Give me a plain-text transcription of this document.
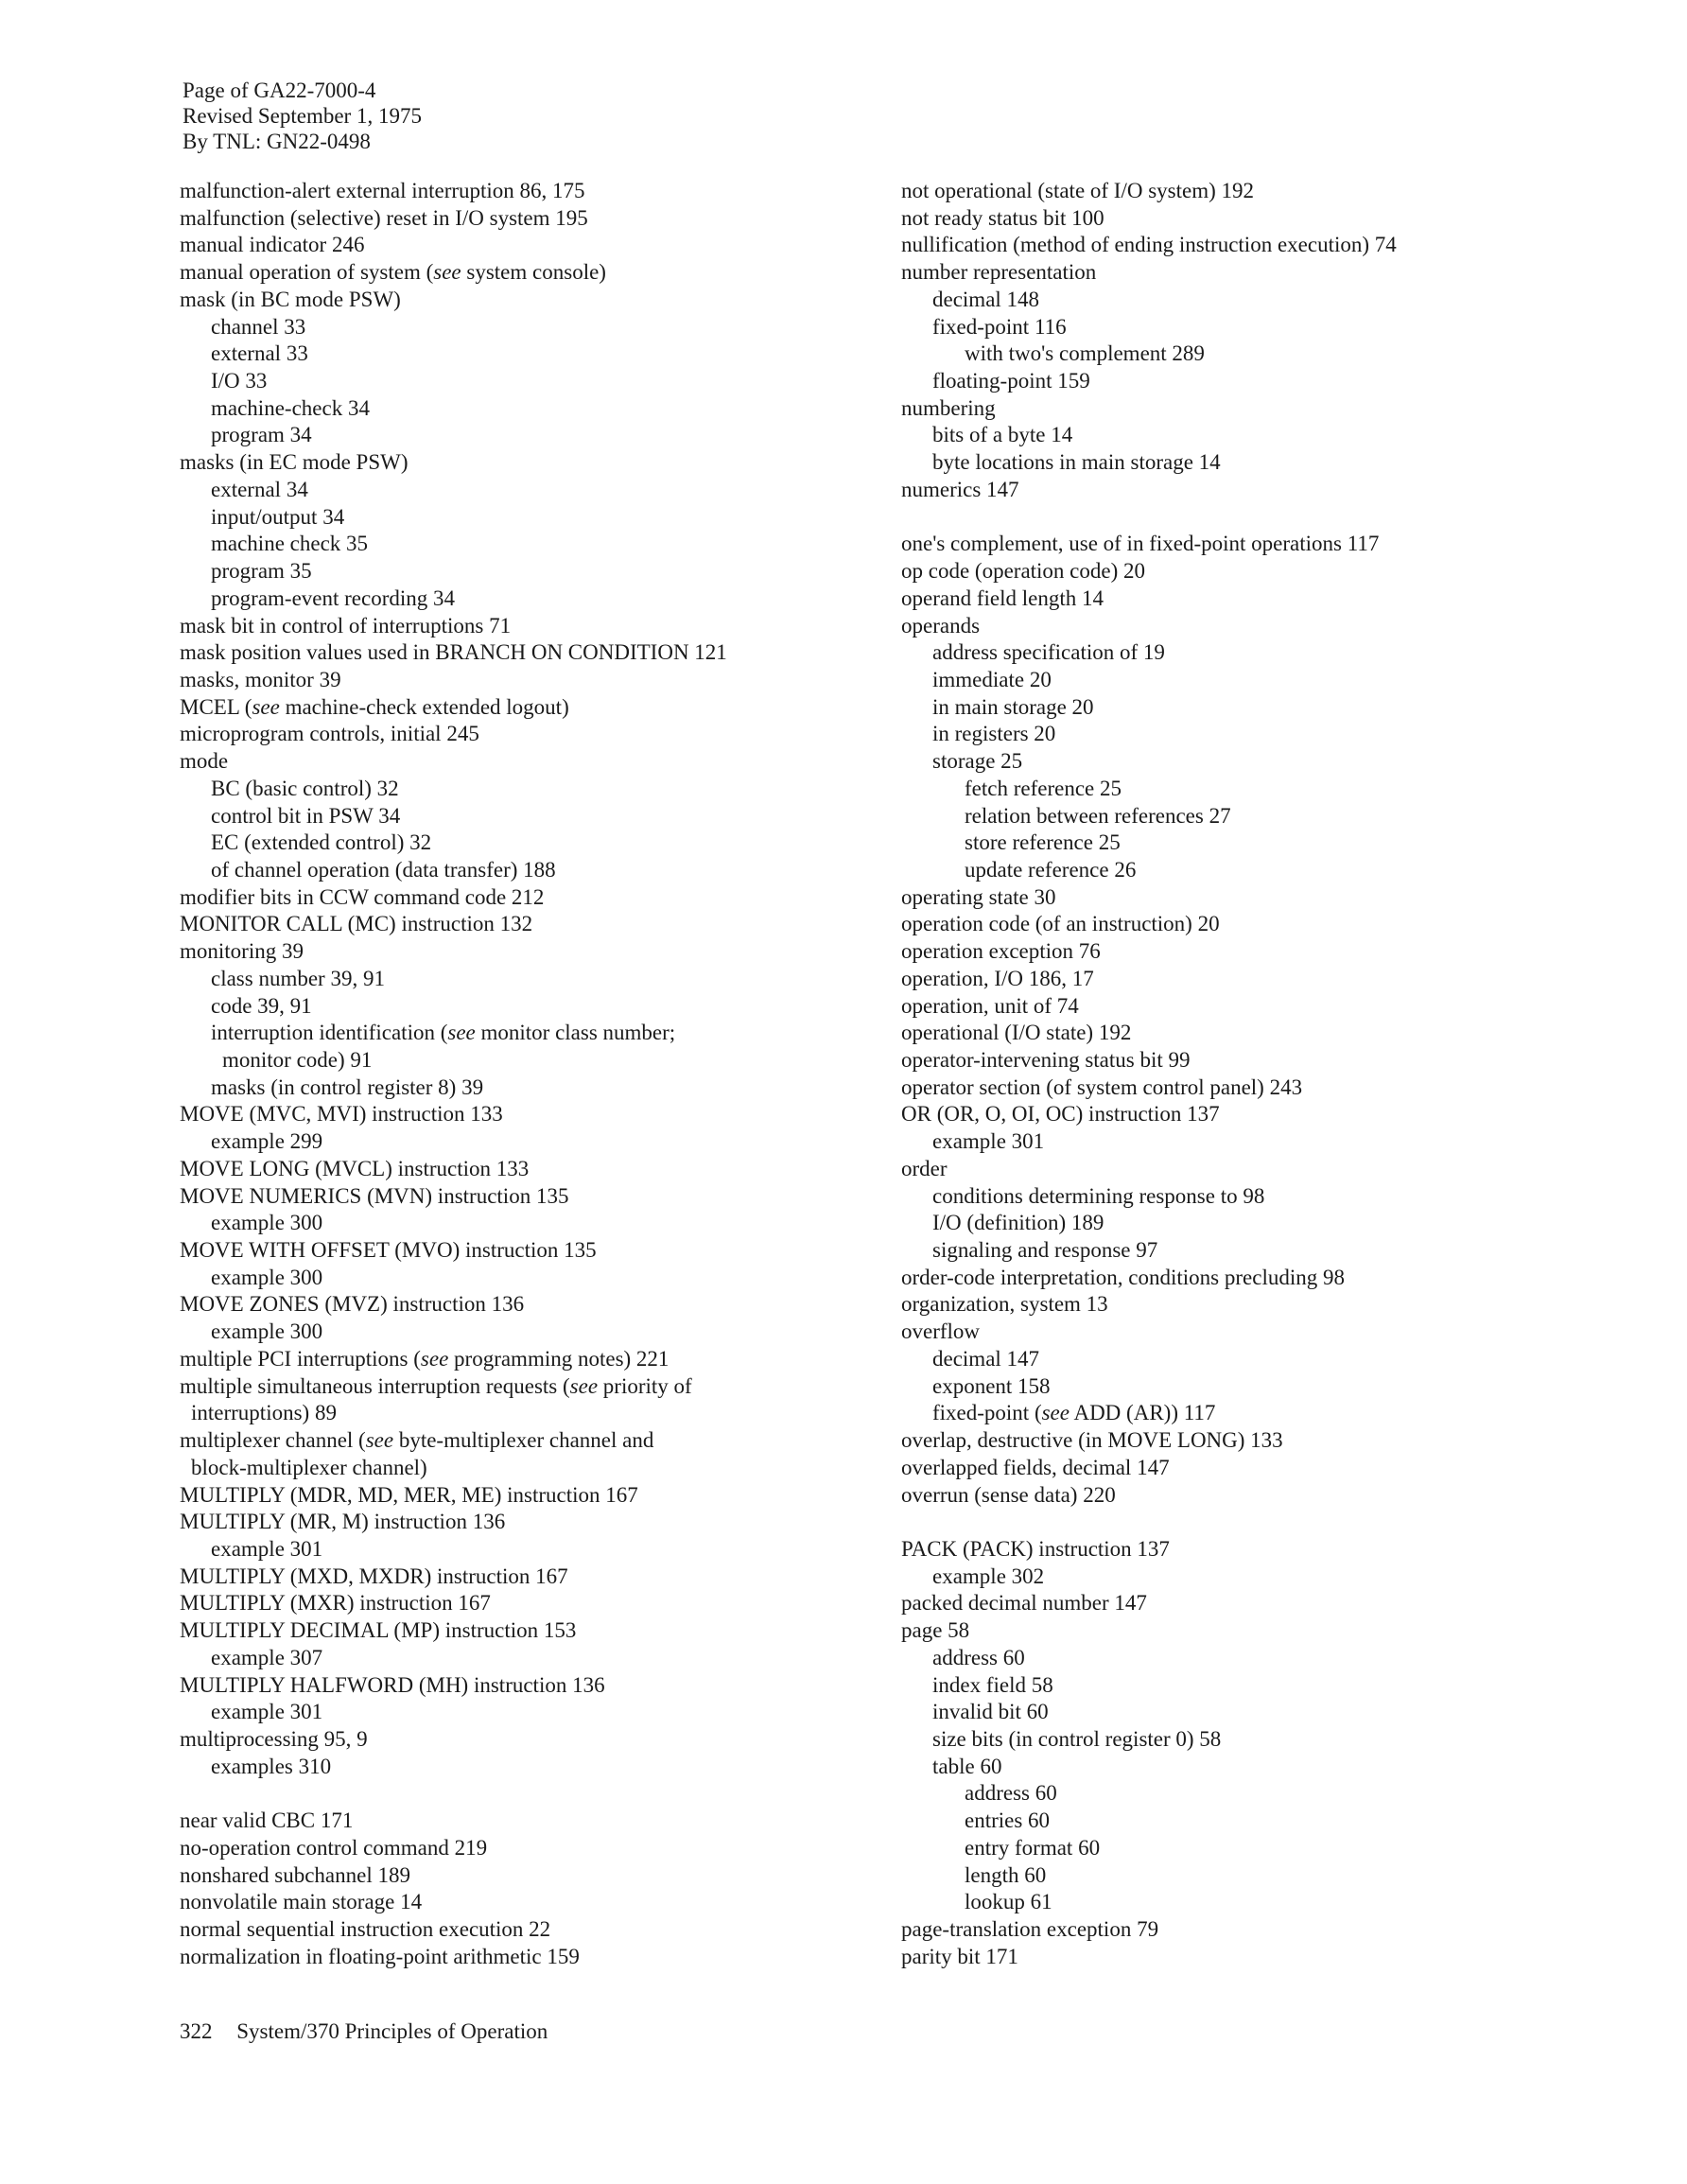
Page of GA22-7000-4
Revised September 1, 1975
By TNL: GN22-0498
malfunction-alert external interruption 86, 175
malfunction (selective) reset in I/O system 195
manual indicator 246
manual operation of system (see system console)
mask (in BC mode PSW)
channel 33
external 33
I/O 33
machine-check 34
program 34
masks (in EC mode PSW)
external 34
input/output 34
machine check 35
program 35
program-event recording 34
mask bit in control of interruptions 71
mask position values used in BRANCH ON CONDITION 121
masks, monitor 39
MCEL (see machine-check extended logout)
microprogram controls, initial 245
mode
BC (basic control) 32
control bit in PSW 34
EC (extended control) 32
of channel operation (data transfer) 188
modifier bits in CCW command code 212
MONITOR CALL (MC) instruction 132
monitoring 39
class number 39, 91
code 39, 91
interruption identification (see monitor class number;
monitor code) 91
masks (in control register 8) 39
MOVE (MVC, MVI) instruction 133
example 299
MOVE LONG (MVCL) instruction 133
MOVE NUMERICS (MVN) instruction 135
example 300
MOVE WITH OFFSET (MVO) instruction 135
example 300
MOVE ZONES (MVZ) instruction 136
example 300
multiple PCI interruptions (see programming notes) 221
multiple simultaneous interruption requests (see priority of
interruptions) 89
multiplexer channel (see byte-multiplexer channel and
block-multiplexer channel)
MULTIPLY (MDR, MD, MER, ME) instruction 167
MULTIPLY (MR, M) instruction 136
example 301
MULTIPLY (MXD, MXDR) instruction 167
MULTIPLY (MXR) instruction 167
MULTIPLY DECIMAL (MP) instruction 153
example 307
MULTIPLY HALFWORD (MH) instruction 136
example 301
multiprocessing 95, 9
examples 310
near valid CBC 171
no-operation control command 219
nonshared subchannel 189
nonvolatile main storage 14
normal sequential instruction execution 22
normalization in floating-point arithmetic 159
not operational (state of I/O system) 192
not ready status bit 100
nullification (method of ending instruction execution) 74
number representation
decimal 148
fixed-point 116
with two's complement 289
floating-point 159
numbering
bits of a byte 14
byte locations in main storage 14
numerics 147
one's complement, use of in fixed-point operations 117
op code (operation code) 20
operand field length 14
operands
address specification of 19
immediate 20
in main storage 20
in registers 20
storage 25
fetch reference 25
relation between references 27
store reference 25
update reference 26
operating state 30
operation code (of an instruction) 20
operation exception 76
operation, I/O 186, 17
operation, unit of 74
operational (I/O state) 192
operator-intervening status bit 99
operator section (of system control panel) 243
OR (OR, O, OI, OC) instruction 137
example 301
order
conditions determining response to 98
I/O (definition) 189
signaling and response 97
order-code interpretation, conditions precluding 98
organization, system 13
overflow
decimal 147
exponent 158
fixed-point (see ADD (AR)) 117
overlap, destructive (in MOVE LONG) 133
overlapped fields, decimal 147
overrun (sense data) 220
PACK (PACK) instruction 137
example 302
packed decimal number 147
page 58
address 60
index field 58
invalid bit 60
size bits (in control register 0) 58
table 60
address 60
entries 60
entry format 60
length 60
lookup 61
page-translation exception 79
parity bit 171
322 System/370 Principles of Operation
